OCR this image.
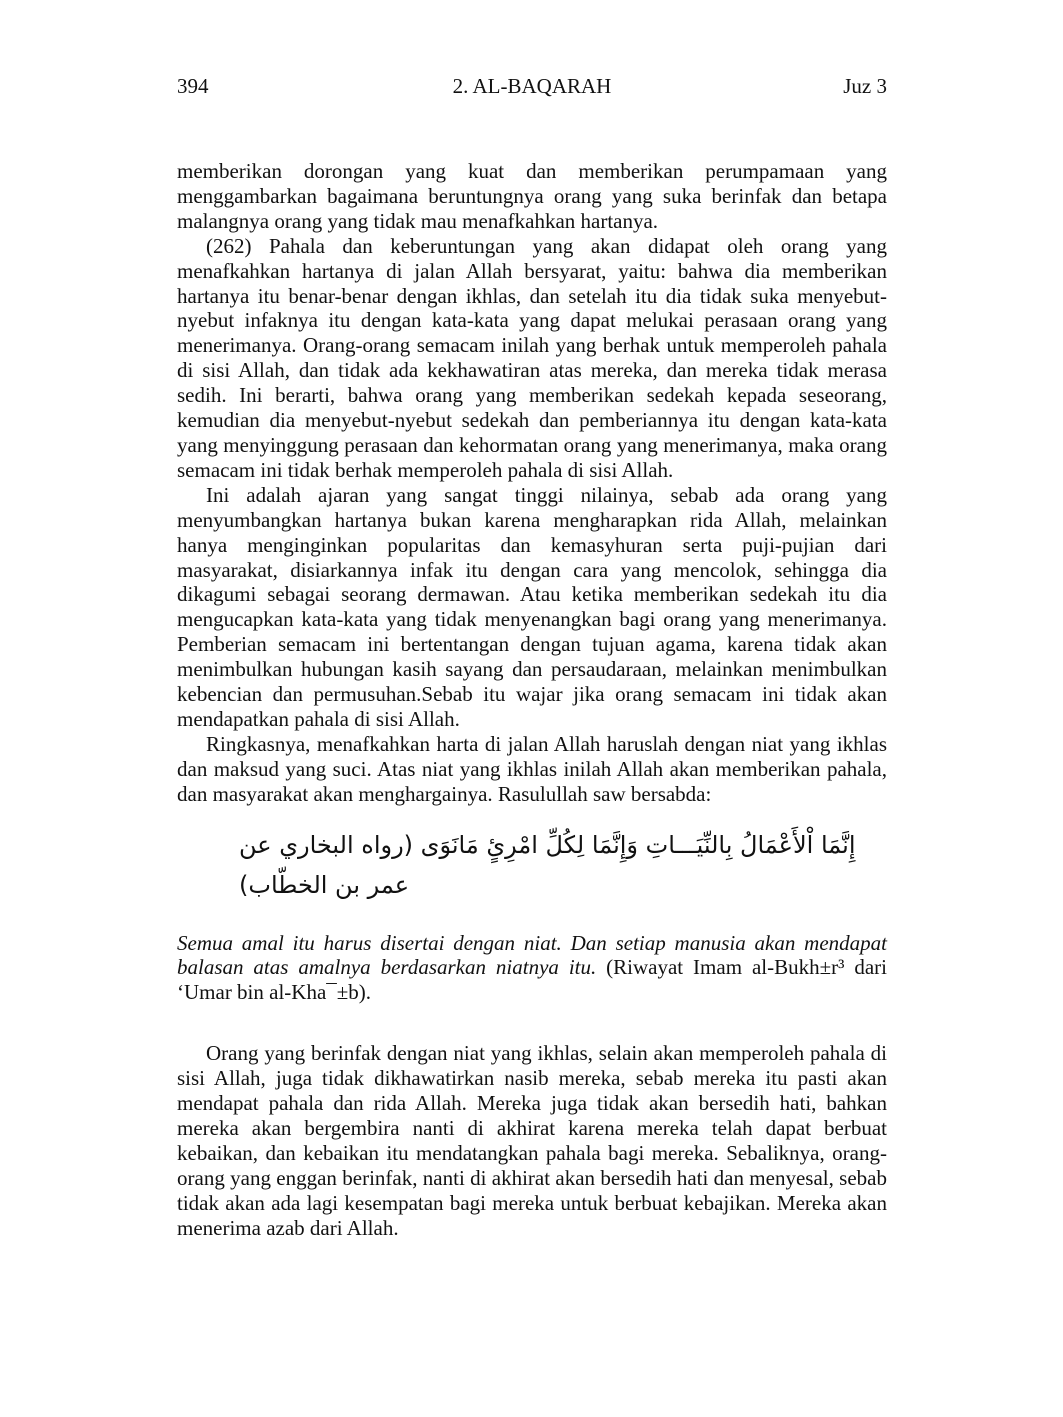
394	2. AL-BAQARAH	Juz 3

memberikan dorongan yang kuat dan memberikan perumpamaan yang menggambarkan bagaimana beruntungnya orang yang suka berinfak dan betapa malangnya orang yang tidak mau menafkahkan hartanya.

(262) Pahala dan keberuntungan yang akan didapat oleh orang yang menafkahkan hartanya di jalan Allah bersyarat, yaitu: bahwa dia memberikan hartanya itu benar-benar dengan ikhlas, dan setelah itu dia tidak suka menyebut-nyebut infaknya itu dengan kata-kata yang dapat melukai perasaan orang yang menerimanya. Orang-orang semacam inilah yang berhak untuk memperoleh pahala di sisi Allah, dan tidak ada kekhawatiran atas mereka, dan mereka tidak merasa sedih. Ini berarti, bahwa orang yang memberikan sedekah kepada seseorang, kemudian dia menyebut-nyebut sedekah dan pemberiannya itu dengan kata-kata yang menyinggung perasaan dan kehormatan orang yang menerimanya, maka orang semacam ini tidak berhak memperoleh pahala di sisi Allah.

Ini adalah ajaran yang sangat tinggi nilainya, sebab ada orang yang menyumbangkan hartanya bukan karena mengharapkan rida Allah, melainkan hanya menginginkan popularitas dan kemasyhuran serta puji-pujian dari masyarakat, disiarkannya infak itu dengan cara yang mencolok, sehingga dia dikagumi sebagai seorang dermawan. Atau ketika memberikan sedekah itu dia mengucapkan kata-kata yang tidak menyenangkan bagi orang yang menerimanya. Pemberian semacam ini bertentangan dengan tujuan agama, karena tidak akan menimbulkan hubungan kasih sayang dan persaudaraan, melainkan menimbulkan kebencian dan permusuhan.Sebab itu wajar jika orang semacam ini tidak akan mendapatkan pahala di sisi Allah.

Ringkasnya, menafkahkan harta di jalan Allah haruslah dengan niat yang ikhlas dan maksud yang suci. Atas niat yang ikhlas inilah Allah akan memberikan pahala, dan masyarakat akan menghargainya. Rasulullah saw bersabda:

إِنَّمَا اْلأَعْمَالُ بِالنِّيَـــاتِ وَإِنَّمَا لِكُلِّ امْرِئٍ مَانَوَى (رواه البخاري عن عمر بن الخطّاب)

Semua amal itu harus disertai dengan niat. Dan setiap manusia akan mendapat balasan atas amalnya berdasarkan niatnya itu. (Riwayat Imam al-Bukh±r³ dari ‘Umar bin al-Kha¯±b).

Orang yang berinfak dengan niat yang ikhlas, selain akan memperoleh pahala di sisi Allah, juga tidak dikhawatirkan nasib mereka, sebab mereka itu pasti akan mendapat pahala dan rida Allah. Mereka juga tidak akan bersedih hati, bahkan mereka akan bergembira nanti di akhirat karena mereka telah dapat berbuat kebaikan, dan kebaikan itu mendatangkan pahala bagi mereka. Sebaliknya, orang-orang yang enggan berinfak, nanti di akhirat akan bersedih hati dan menyesal, sebab tidak akan ada lagi kesempatan bagi mereka untuk berbuat kebajikan. Mereka akan menerima azab dari Allah.
